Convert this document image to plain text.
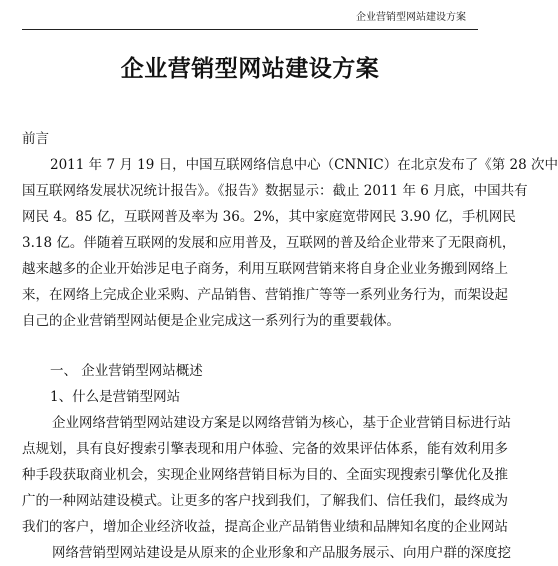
企业营销型网站建设方案
企业营销型网站建设方案
前言
2011 年 7 月 19 日，中国互联网络信息中心（CNNIC）在北京发布了《第 28 次中
国互联网络发展状况统计报告》。《报告》数据显示：截止 2011 年 6 月底，中国共有
网民 4。85 亿，互联网普及率为 36。2%，其中家庭宽带网民 3.90 亿，手机网民
3.18 亿。伴随着互联网的发展和应用普及，互联网的普及给企业带来了无限商机，
越来越多的企业开始涉足电子商务，利用互联网营销来将自身企业业务搬到网络上
来，在网络上完成企业采购、产品销售、营销推广等等一系列业务行为，而架设起
自己的企业营销型网站便是企业完成这一系列行为的重要载体。
一、 企业营销型网站概述
1、什么是营销型网站
企业网络营销型网站建设方案是以网络营销为核心，基于企业营销目标进行站
点规划，具有良好搜索引擎表现和用户体验、完备的效果评估体系，能有效利用多
种手段获取商业机会，实现企业网络营销目标为目的、全面实现搜索引擎优化及推
广的一种网站建设模式。让更多的客户找到我们，了解我们、信任我们，最终成为
我们的客户，增加企业经济收益，提高企业产品销售业绩和品牌知名度的企业网站
网络营销型网站建设是从原来的企业形象和产品服务展示、向用户群的深度挖
